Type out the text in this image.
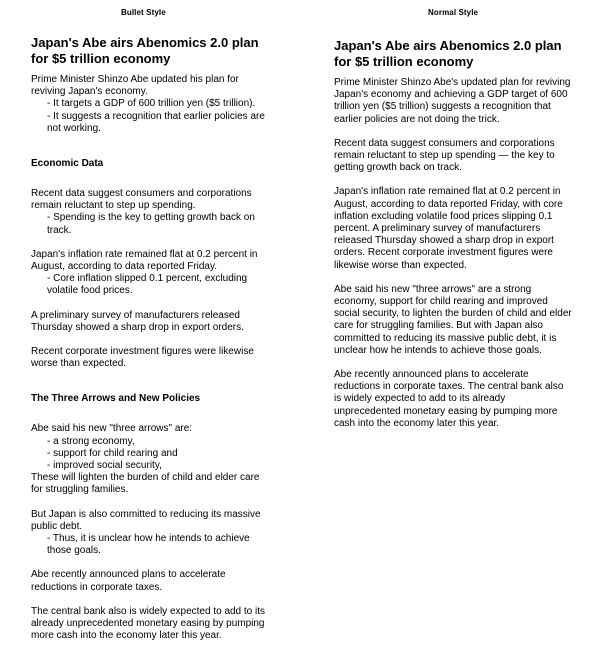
Bullet Style
Japan's Abe airs Abenomics 2.0 plan for $5 trillion economy
Prime Minister Shinzo Abe updated his plan for reviving Japan's economy.
- It targets a GDP of 600 trillion yen ($5 trillion).
- It suggests a recognition that earlier policies are not working.
Economic Data
Recent data suggest consumers and corporations remain reluctant to step up spending.
- Spending is the key to getting growth back on track.
Japan's inflation rate remained flat at 0.2 percent in August, according to data reported Friday.
- Core inflation slipped 0.1 percent, excluding volatile food prices.
A preliminary survey of manufacturers released Thursday showed a sharp drop in export orders.
Recent corporate investment figures were likewise worse than expected.
The Three Arrows and New Policies
Abe said his new "three arrows" are:
- a strong economy,
- support for child rearing and
- improved social security,
These will lighten the burden of child and elder care for struggling families.
But Japan is also committed to reducing its massive public debt.
- Thus, it is unclear how he intends to achieve those goals.
Abe recently announced plans to accelerate reductions in corporate taxes.
The central bank also is widely expected to add to its already unprecedented monetary easing by pumping more cash into the economy later this year.
Normal Style
Japan's Abe airs Abenomics 2.0 plan for $5 trillion economy
Prime Minister Shinzo Abe's updated plan for reviving Japan's economy and achieving a GDP target of 600 trillion yen ($5 trillion) suggests a recognition that earlier policies are not doing the trick.
Recent data suggest consumers and corporations remain reluctant to step up spending — the key to getting growth back on track.
Japan's inflation rate remained flat at 0.2 percent in August, according to data reported Friday, with core inflation excluding volatile food prices slipping 0.1 percent. A preliminary survey of manufacturers released Thursday showed a sharp drop in export orders. Recent corporate investment figures were likewise worse than expected.
Abe said his new "three arrows" are a strong economy, support for child rearing and improved social security, to lighten the burden of child and elder care for struggling families. But with Japan also committed to reducing its massive public debt, it is unclear how he intends to achieve those goals.
Abe recently announced plans to accelerate reductions in corporate taxes. The central bank also is widely expected to add to its already unprecedented monetary easing by pumping more cash into the economy later this year.
